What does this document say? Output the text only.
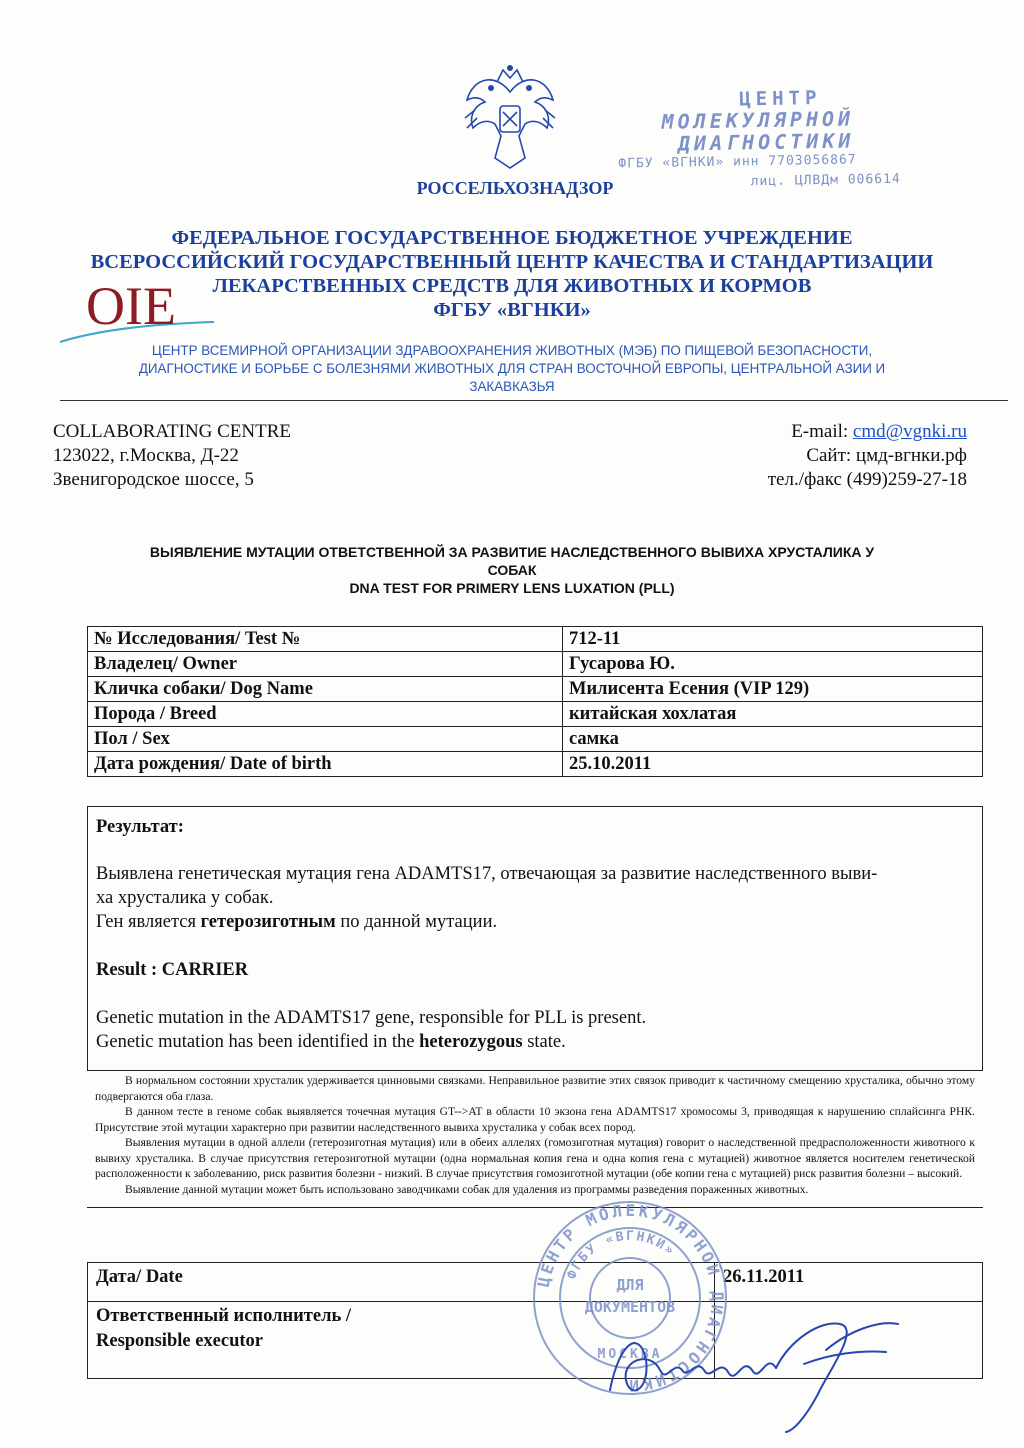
РОССЕЛЬХОЗНАДЗОР
ЦЕНТР
МОЛЕКУЛЯРНОЙ
ДИАГНОСТИКИ
ФГБУ «ВГНКИ» инн 7703056867
лиц. ЦЛВДм 006614
ФЕДЕРАЛЬНОЕ ГОСУДАРСТВЕННОЕ БЮДЖЕТНОЕ УЧРЕЖДЕНИЕ
ВСЕРОССИЙСКИЙ ГОСУДАРСТВЕННЫЙ ЦЕНТР КАЧЕСТВА И СТАНДАРТИЗАЦИИ
ЛЕКАРСТВЕННЫХ СРЕДСТВ ДЛЯ ЖИВОТНЫХ И КОРМОВ
ФГБУ «ВГНКИ»
OIE
ЦЕНТР ВСЕМИРНОЙ ОРГАНИЗАЦИИ ЗДРАВООХРАНЕНИЯ ЖИВОТНЫХ (МЭБ) ПО ПИЩЕВОЙ БЕЗОПАСНОСТИ,
ДИАГНОСТИКЕ И БОРЬБЕ С БОЛЕЗНЯМИ ЖИВОТНЫХ ДЛЯ СТРАН ВОСТОЧНОЙ ЕВРОПЫ, ЦЕНТРАЛЬНОЙ АЗИИ И
ЗАКАВКАЗЬЯ
COLLABORATING CENTRE
123022, г.Москва, Д-22
Звенигородское шоссе, 5
E-mail: cmd@vgnki.ru
Сайт: цмд-вгнки.рф
тел./факс (499)259-27-18
ВЫЯВЛЕНИЕ МУТАЦИИ ОТВЕТСТВЕННОЙ ЗА РАЗВИТИЕ НАСЛЕДСТВЕННОГО ВЫВИХА ХРУСТАЛИКА У
СОБАК
DNA TEST FOR PRIMERY LENS LUXATION (PLL)
№ Исследования/ Test №	712-11
Владелец/ Owner	Гусарова Ю.
Кличка собаки/ Dog Name	Милисента Есения (VIP 129)
Порода / Breed	китайская хохлатая
Пол / Sex	самка
Дата рождения/ Date of birth	25.10.2011

Результат:

Выявлена генетическая мутация гена ADAMTS17, отвечающая за развитие наследственного выви-

ха хрусталика у собак.

Ген является гетерозиготным по данной мутации.

Result : CARRIER

Genetic mutation in the ADAMTS17 gene, responsible for PLL is present.

Genetic mutation has been identified in the heterozygous state.

В нормальном состоянии хрусталик удерживается цинновыми связками. Неправильное развитие этих связок приводит к частичному смещению хрусталика, обычно этому подвергаются оба глаза.

В данном тесте в геноме собак выявляется точечная мутация GT-->AT в области 10 экзона гена ADAMTS17 хромосомы 3, приводящая к нарушению сплайсинга РНК. Присутствие этой мутации характерно при развитии наследственного вывиха хрусталика у собак всех пород.

Выявления мутации в одной аллели (гетерозиготная мутация) или в обеих аллелях (гомозиготная мутация) говорит о наследственной предрасположенности животного к вывиху хрусталика. В случае присутствия гетерозиготной мутации (одна нормальная копия гена и одна копия гена с мутацией) животное является носителем генетической расположенности к заболеванию, риск развития болезни - низкий. В случае присутствия гомозиготной мутации (обе копии гена с мутацией) риск развития болезни – высокий.

Выявление данной мутации может быть использовано заводчиками собак для удаления из программы разведения пораженных животных.

Дата/ Date	26.11.2011

Ответственный исполнитель /
Responsible executor	

ЦЕНТР МОЛЕКУЛЯРНОЙ ДИАГНОСТИКИ
ФГБУ «ВГНКИ»
ДЛЯ
ДОКУМЕНТОВ
МОСКВА
